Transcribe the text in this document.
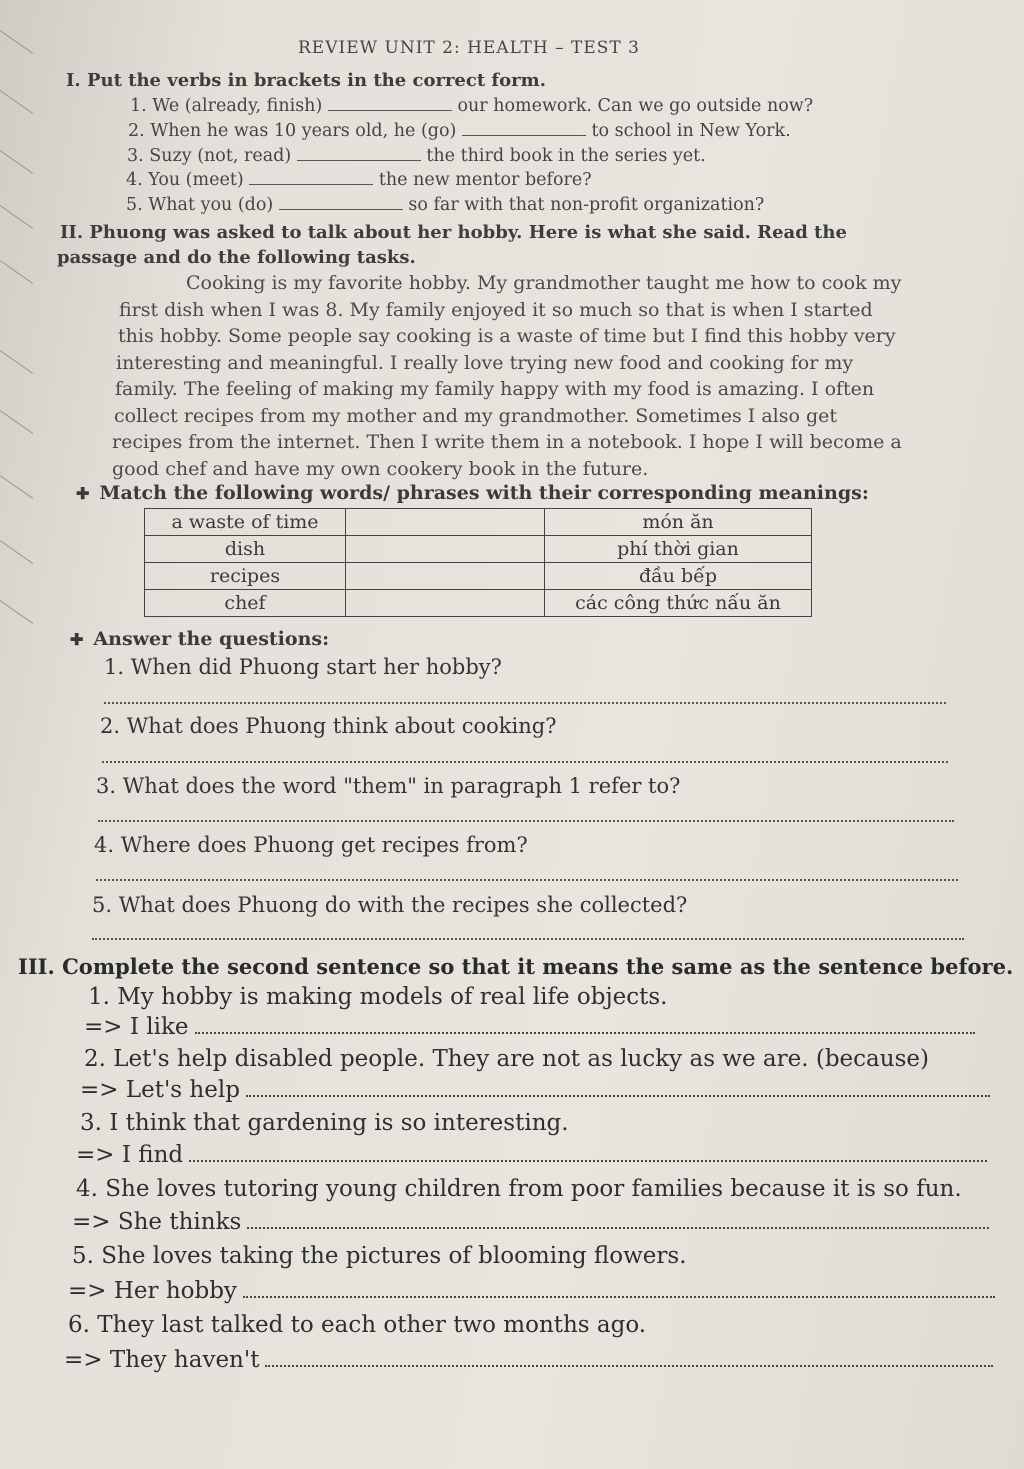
REVIEW UNIT 2: HEALTH – TEST 3
I. Put the verbs in brackets in the correct form.
1. We (already, finish)	our homework. Can we go outside now?
2. When he was 10 years old, he (go)	to school in New York.
3. Suzy (not, read)	the third book in the series yet.
4. You (meet)	the new mentor before?
5. What you (do)	so far with that non-profit organization?
II. Phuong was asked to talk about her hobby. Here is what she said. Read the
passage and do the following tasks.

Cooking is my favorite hobby. My grandmother taught me how to cook my

first dish when I was 8. My family enjoyed it so much so that is when I started

this hobby. Some people say cooking is a waste of time but I find this hobby very

interesting and meaningful. I really love trying new food and cooking for my

family. The feeling of making my family happy with my food is amazing. I often

collect recipes from my mother and my grandmother. Sometimes I also get

recipes from the internet. Then I write them in a notebook. I hope I will become a

good chef and have my own cookery book in the future.

✚ Match the following words/ phrases with their corresponding meanings:
a waste of time		món ăn
dish		phí thời gian
recipes		đầu bếp
chef		các công thức nấu ăn
✚ Answer the questions:
1. When did Phuong start her hobby?
2. What does Phuong think about cooking?
3. What does the word "them" in paragraph 1 refer to?
4. Where does Phuong get recipes from?
5. What does Phuong do with the recipes she collected?
III. Complete the second sentence so that it means the same as the sentence before.
1. My hobby is making models of real life objects.
=> I like
2. Let's help disabled people. They are not as lucky as we are. (because)
=> Let's help
3. I think that gardening is so interesting.
=> I find
4. She loves tutoring young children from poor families because it is so fun.
=> She thinks
5. She loves taking the pictures of blooming flowers.
=> Her hobby
6. They last talked to each other two months ago.
=> They haven't
